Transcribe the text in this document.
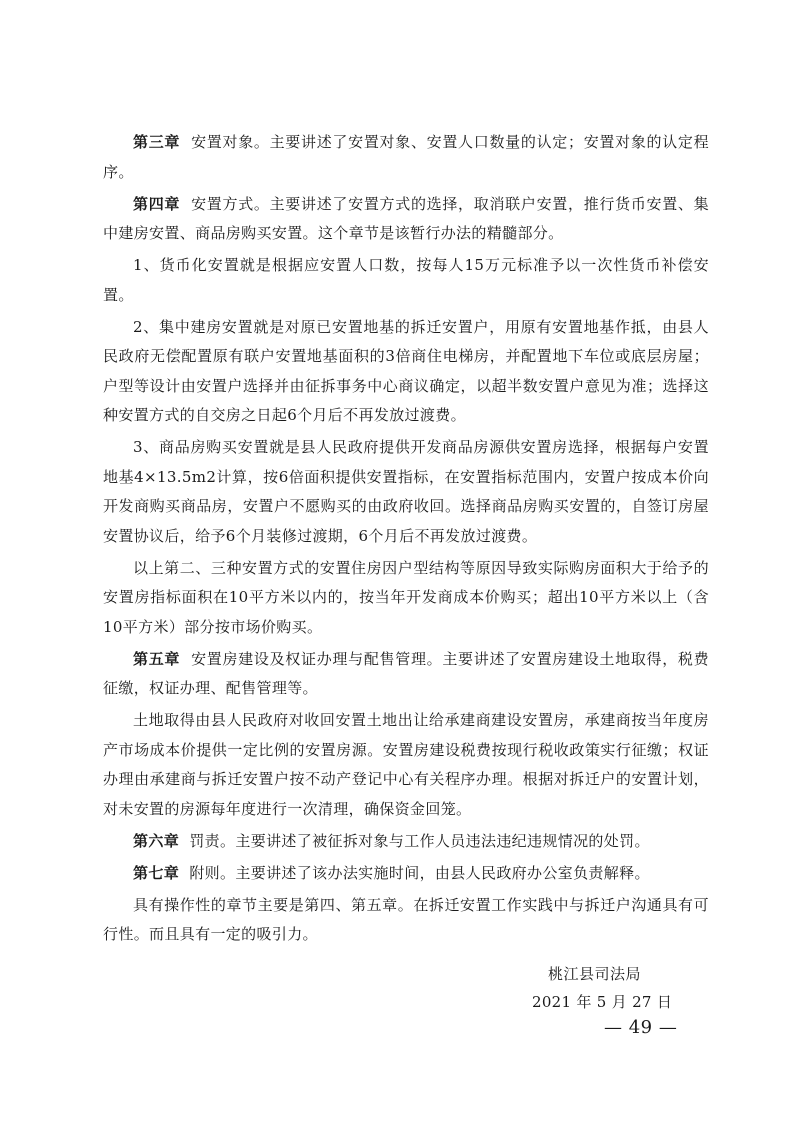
第三章 安置对象。主要讲述了安置对象、安置人口数量的认定；安置对象的认定程序。

第四章 安置方式。主要讲述了安置方式的选择，取消联户安置，推行货币安置、集中建房安置、商品房购买安置。这个章节是该暂行办法的精髓部分。

1、货币化安置就是根据应安置人口数，按每人15万元标准予以一次性货币补偿安置。

2、集中建房安置就是对原已安置地基的拆迁安置户，用原有安置地基作抵，由县人民政府无偿配置原有联户安置地基面积的3倍商住电梯房，并配置地下车位或底层房屋；户型等设计由安置户选择并由征拆事务中心商议确定，以超半数安置户意见为准；选择这种安置方式的自交房之日起6个月后不再发放过渡费。

3、商品房购买安置就是县人民政府提供开发商品房源供安置房选择，根据每户安置地基4×13.5m2计算，按6倍面积提供安置指标，在安置指标范围内，安置户按成本价向开发商购买商品房，安置户不愿购买的由政府收回。选择商品房购买安置的，自签订房屋安置协议后，给予6个月装修过渡期，6个月后不再发放过渡费。

以上第二、三种安置方式的安置住房因户型结构等原因导致实际购房面积大于给予的安置房指标面积在10平方米以内的，按当年开发商成本价购买；超出10平方米以上（含10平方米）部分按市场价购买。

第五章 安置房建设及权证办理与配售管理。主要讲述了安置房建设土地取得，税费征缴，权证办理、配售管理等。

土地取得由县人民政府对收回安置土地出让给承建商建设安置房，承建商按当年度房产市场成本价提供一定比例的安置房源。安置房建设税费按现行税收政策实行征缴；权证办理由承建商与拆迁安置户按不动产登记中心有关程序办理。根据对拆迁户的安置计划，对未安置的房源每年度进行一次清理，确保资金回笼。

第六章 罚责。主要讲述了被征拆对象与工作人员违法违纪违规情况的处罚。

第七章 附则。主要讲述了该办法实施时间，由县人民政府办公室负责解释。

具有操作性的章节主要是第四、第五章。在拆迁安置工作实践中与拆迁户沟通具有可行性。而且具有一定的吸引力。

桃江县司法局
2021 年 5 月 27 日
— 49 —
